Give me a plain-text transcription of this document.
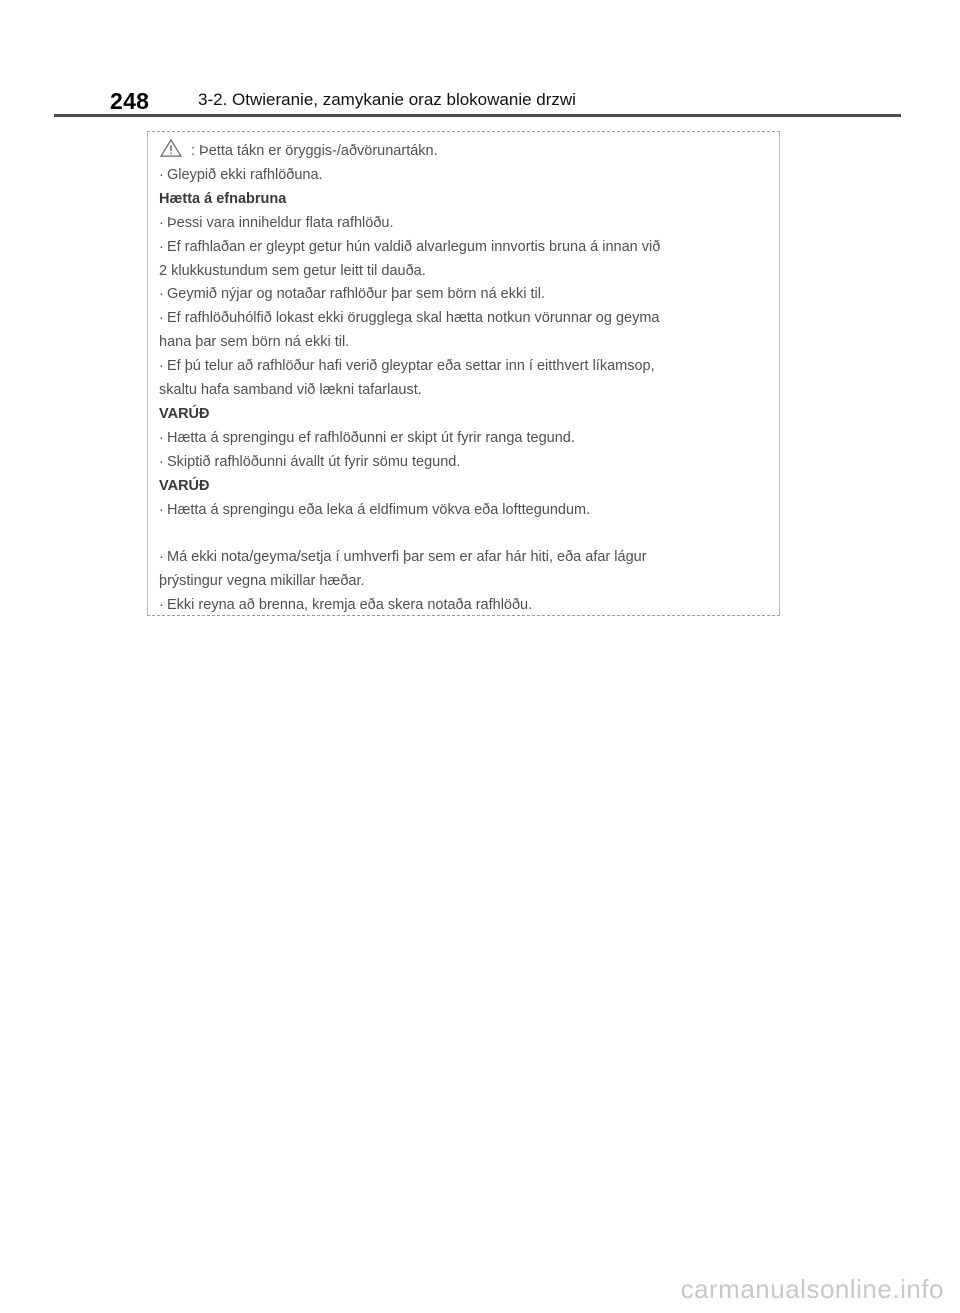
248	3-2. Otwieranie, zamykanie oraz blokowanie drzwi
: Þetta tákn er öryggis-/aðvörunartákn.
· Gleypið ekki rafhlöðuna.
Hætta á efnabruna
· Þessi vara inniheldur flata rafhlöðu.
· Ef rafhlaðan er gleypt getur hún valdið alvarlegum innvortis bruna á innan við
2 klukkustundum sem getur leitt til dauða.
· Geymið nýjar og notaðar rafhlöður þar sem börn ná ekki til.
· Ef rafhlöðuhólfið lokast ekki örugglega skal hætta notkun vörunnar og geyma
hana þar sem börn ná ekki til.
· Ef þú telur að rafhlöður hafi verið gleyptar eða settar inn í eitthvert líkamsop,
skaltu hafa samband við lækni tafarlaust.
VARÚÐ
· Hætta á sprengingu ef rafhlöðunni er skipt út fyrir ranga tegund.
· Skiptið rafhlöðunni ávallt út fyrir sömu tegund.
VARÚÐ
· Hætta á sprengingu eða leka á eldfimum vökva eða lofttegundum.
· Má ekki nota/geyma/setja í umhverfi þar sem er afar hár hiti, eða afar lágur
þrýstingur vegna mikillar hæðar.
· Ekki reyna að brenna, kremja eða skera notaða rafhlöðu.
carmanualsonline.info
